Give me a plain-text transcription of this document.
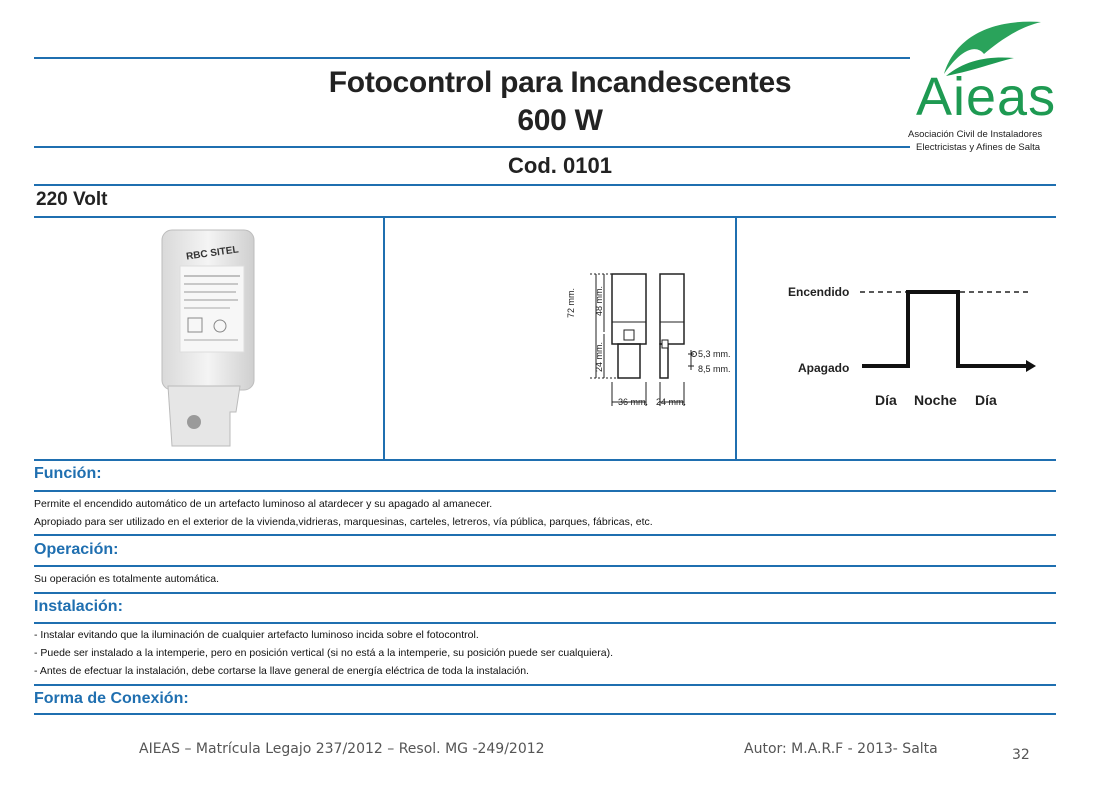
Fotocontrol para Incandescentes
600 W
Cod. 0101
220 Volt
Aieas
Asociación Civil de Instaladores
Electricistas y Afines de Salta
RBC SITEL
72 mm. 48 mm.
24 mm.	5,3 mm.
8,5 mm.
36 mm. 24 mm.
Encendido
Apagado
Día Noche Día
Función:
Permite el encendido automático de un artefacto luminoso al atardecer y su apagado al amanecer.
Apropiado para ser utilizado en el exterior de la vivienda,vidrieras, marquesinas, carteles, letreros, vía pública, parques, fábricas, etc.
Operación:
Su operación es totalmente automática.
Instalación:
- Instalar evitando que la iluminación de cualquier artefacto luminoso incida sobre el fotocontrol.
- Puede ser instalado a la intemperie, pero en posición vertical (si no está a la intemperie, su posición puede ser cualquiera).
- Antes de efectuar la instalación, debe cortarse la llave general de energía eléctrica de toda la instalación.
Forma de Conexión:
AIEAS – Matrícula Legajo 237/2012 – Resol. MG -249/2012	Autor: M.A.R.F - 2013- Salta	32
